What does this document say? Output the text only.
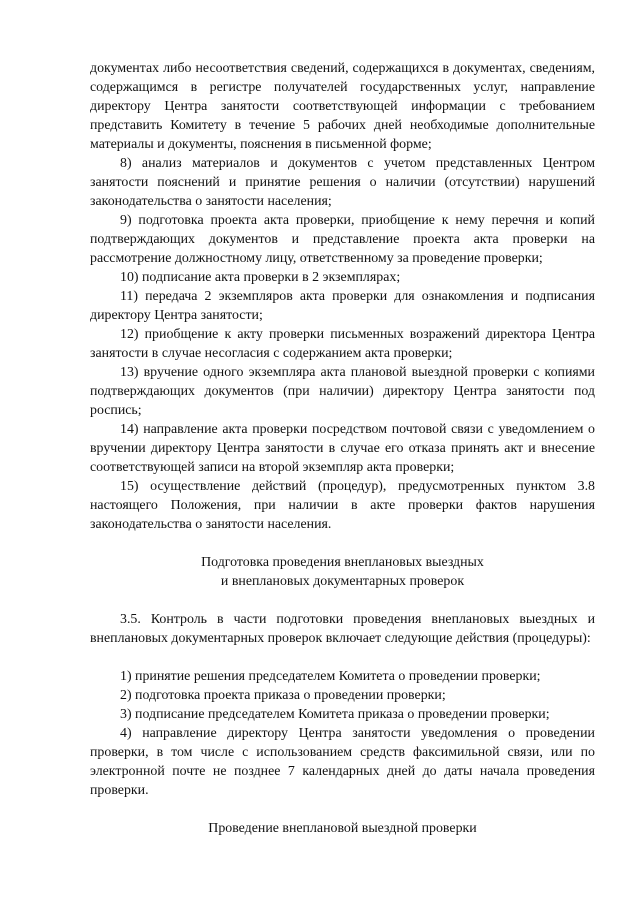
документах либо несоответствия сведений, содержащихся в документах, сведениям, содержащимся в регистре получателей государственных услуг, направление директору Центра занятости соответствующей информации с требованием представить Комитету в течение 5 рабочих дней необходимые дополнительные материалы и документы, пояснения в письменной форме;

8) анализ материалов и документов с учетом представленных Центром занятости пояснений и принятие решения о наличии (отсутствии) нарушений законодательства о занятости населения;

9) подготовка проекта акта проверки, приобщение к нему перечня и копий подтверждающих документов и представление проекта акта проверки на рассмотрение должностному лицу, ответственному за проведение проверки;

10) подписание акта проверки в 2 экземплярах;

11) передача 2 экземпляров акта проверки для ознакомления и подписания директору Центра занятости;

12) приобщение к акту проверки письменных возражений директора Центра занятости в случае несогласия с содержанием акта проверки;

13) вручение одного экземпляра акта плановой выездной проверки с копиями подтверждающих документов (при наличии) директору Центра занятости под роспись;

14) направление акта проверки посредством почтовой связи с уведомлением о вручении директору Центра занятости в случае его отказа принять акт и внесение соответствующей записи на второй экземпляр акта проверки;

15) осуществление действий (процедур), предусмотренных пунктом 3.8 настоящего Положения, при наличии в акте проверки фактов нарушения законодательства о занятости населения.

Подготовка проведения внеплановых выездных

и внеплановых документарных проверок

3.5. Контроль в части подготовки проведения внеплановых выездных и внеплановых документарных проверок включает следующие действия (процедуры):

1) принятие решения председателем Комитета о проведении проверки;

2) подготовка проекта приказа о проведении проверки;

3) подписание председателем Комитета приказа о проведении проверки;

4) направление директору Центра занятости уведомления о проведении проверки, в том числе с использованием средств факсимильной связи, или по электронной почте не позднее 7 календарных дней до даты начала проведения проверки.

Проведение внеплановой выездной проверки
